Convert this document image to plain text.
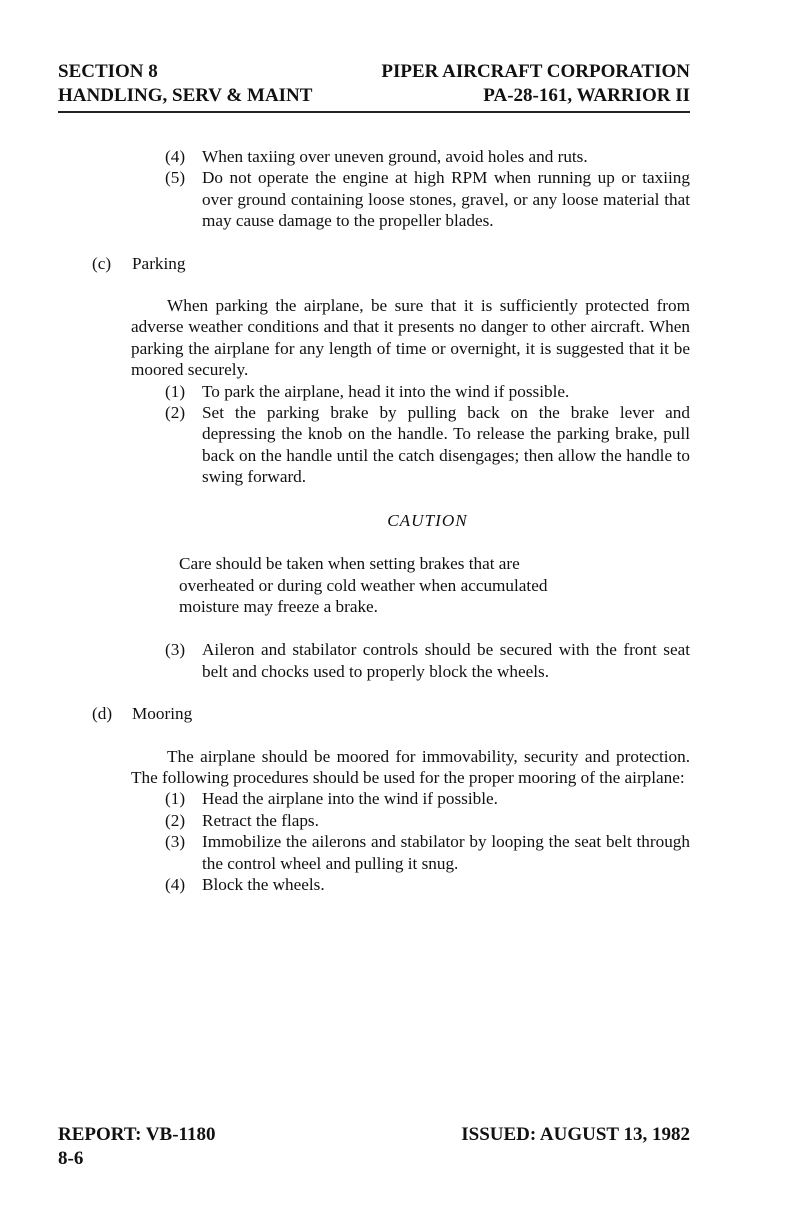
SECTION 8	PIPER AIRCRAFT CORPORATION
HANDLING, SERV & MAINT	PA-28-161, WARRIOR II
(4) When taxiing over uneven ground, avoid holes and ruts.
(5) Do not operate the engine at high RPM when running up or taxiing over ground containing loose stones, gravel, or any loose material that may cause damage to the propeller blades.
(c)	Parking
When parking the airplane, be sure that it is sufficiently protected from adverse weather conditions and that it presents no danger to other aircraft. When parking the airplane for any length of time or overnight, it is suggested that it be moored securely.
(1) To park the airplane, head it into the wind if possible.
(2) Set the parking brake by pulling back on the brake lever and depressing the knob on the handle. To release the parking brake, pull back on the handle until the catch disengages; then allow the handle to swing forward.
CAUTION
Care should be taken when setting brakes that are overheated or during cold weather when accumulated moisture may freeze a brake.
(3) Aileron and stabilator controls should be secured with the front seat belt and chocks used to properly block the wheels.
(d)	Mooring
The airplane should be moored for immovability, security and protection. The following procedures should be used for the proper mooring of the airplane:
(1) Head the airplane into the wind if possible.
(2) Retract the flaps.
(3) Immobilize the ailerons and stabilator by looping the seat belt through the control wheel and pulling it snug.
(4) Block the wheels.
REPORT: VB-1180	ISSUED: AUGUST 13, 1982
8-6
